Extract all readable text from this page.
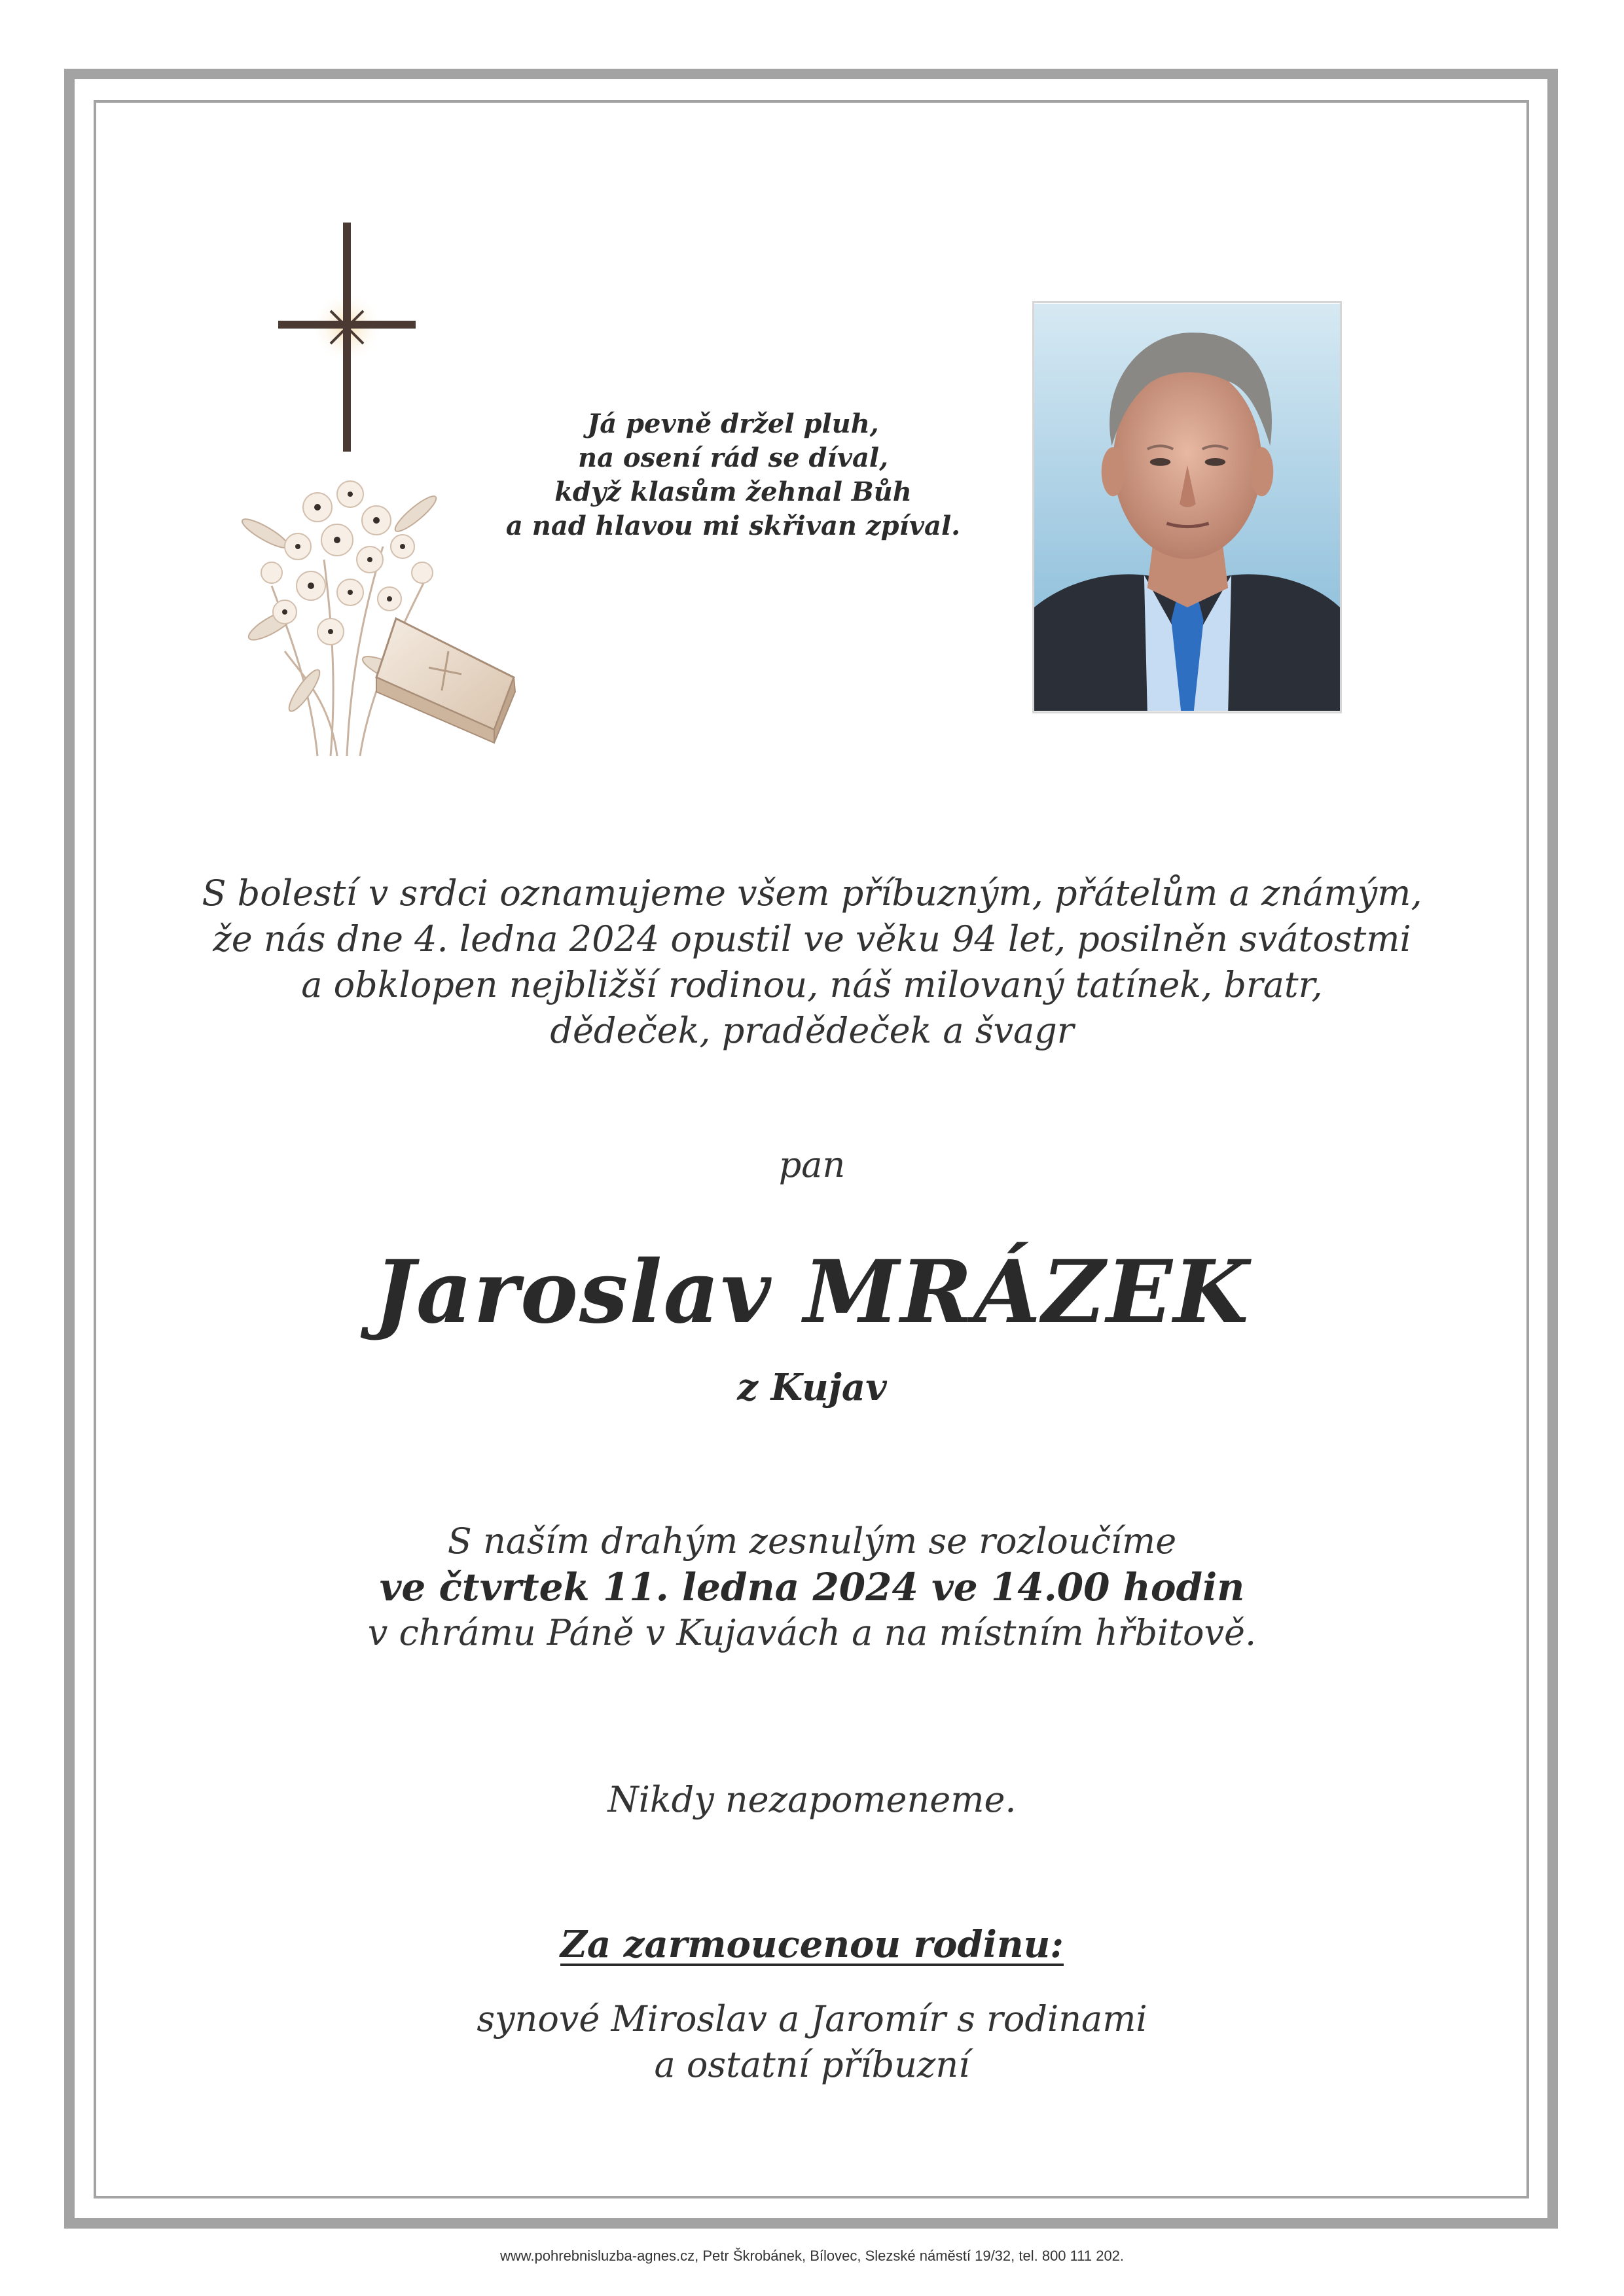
Já pevně držel pluh,
na osení rád se díval,
když klasům žehnal Bůh
a nad hlavou mi skřivan zpíval.
S bolestí v srdci oznamujeme všem příbuzným, přátelům a známým,
že nás dne 4. ledna 2024 opustil ve věku 94 let, posilněn svátostmi
a obklopen nejbližší rodinou, náš milovaný tatínek, bratr,
dědeček, pradědeček a švagr
pan
Jaroslav MRÁZEK
z Kujav
S naším drahým zesnulým se rozloučíme
ve čtvrtek 11. ledna 2024 ve 14.00 hodin
v chrámu Páně v Kujavách a na místním hřbitově.
Nikdy nezapomeneme.
Za zarmoucenou rodinu:
synové Miroslav a Jaromír s rodinami
a ostatní příbuzní
www.pohrebnisluzba-agnes.cz, Petr Škrobánek, Bílovec, Slezské náměstí 19/32, tel. 800 111 202.
